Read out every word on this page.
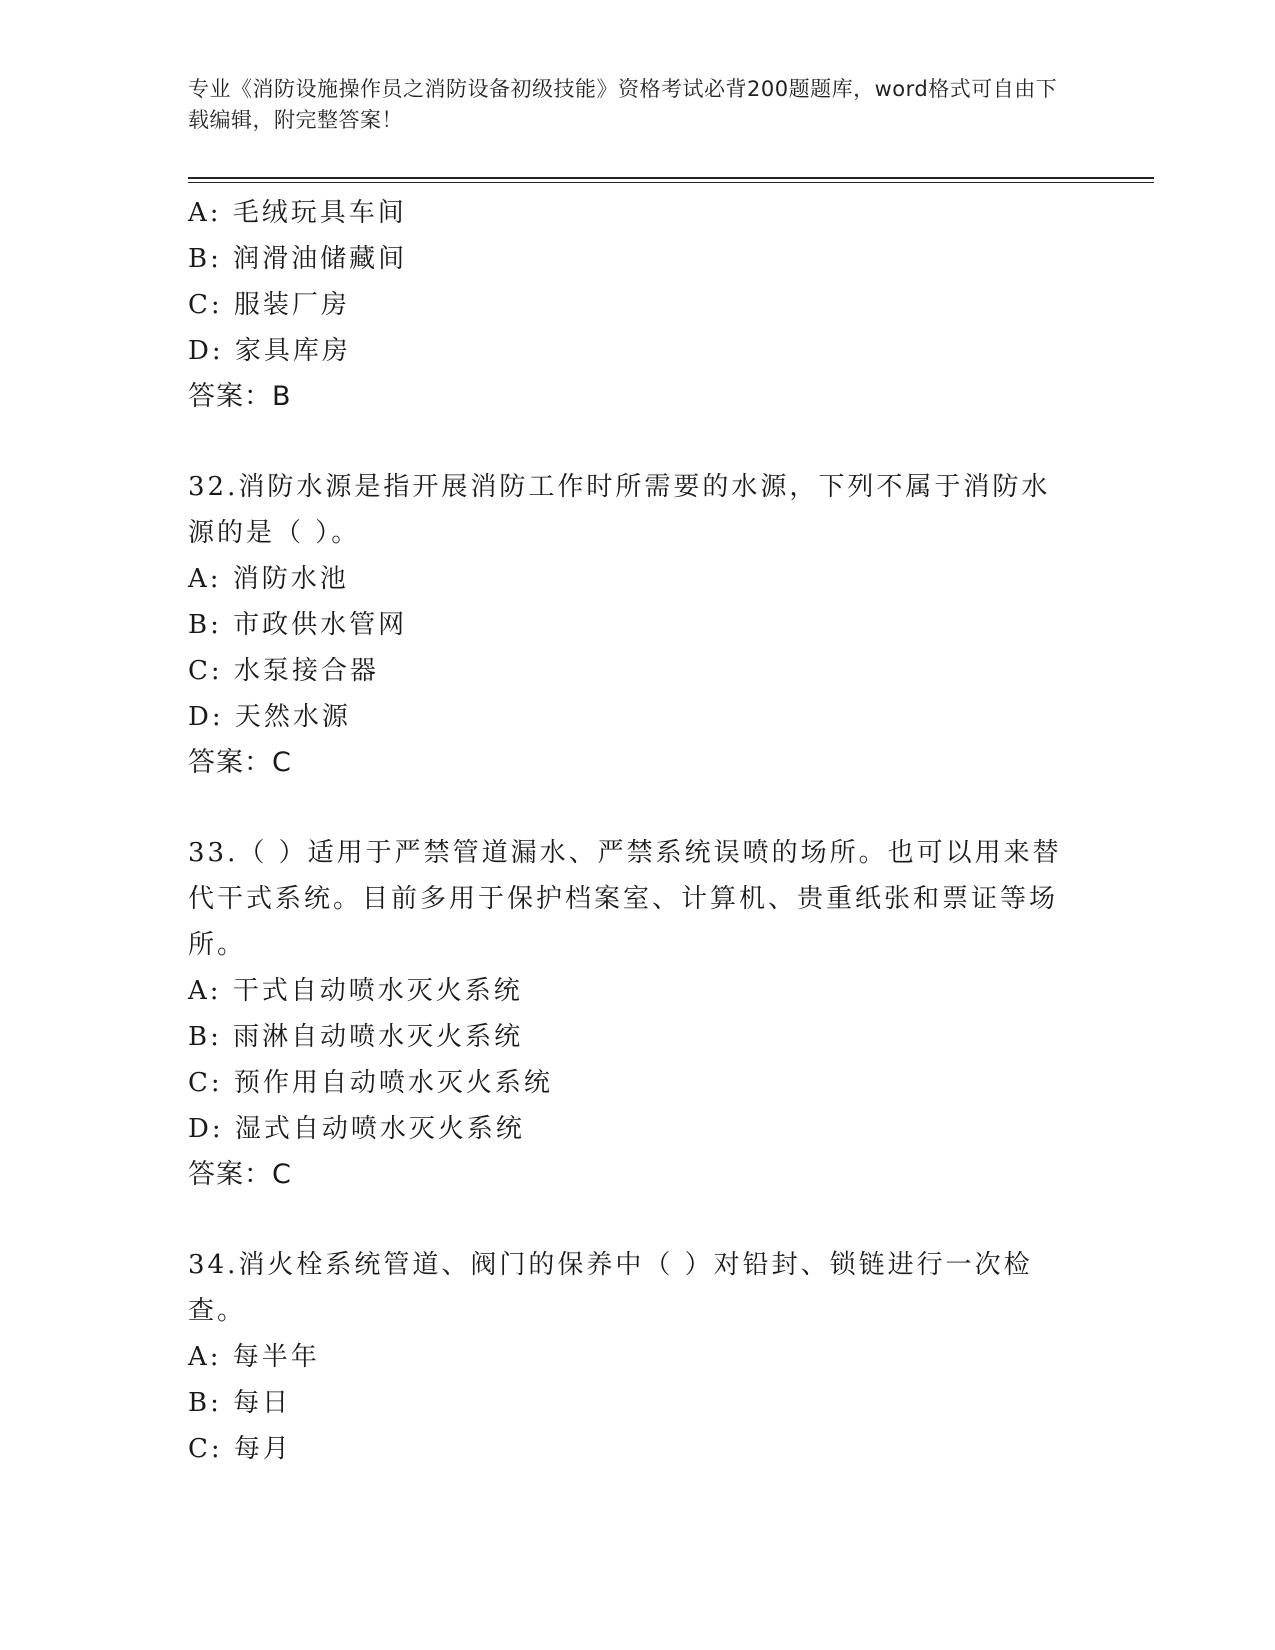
专业《消防设施操作员之消防设备初级技能》资格考试必背200题题库，word格式可自由下载编辑，附完整答案！
A: 毛绒玩具车间
B: 润滑油储藏间
C: 服装厂房
D: 家具库房
答案：B
32.消防水源是指开展消防工作时所需要的水源，下列不属于消防水源的是（ ）。
A: 消防水池
B: 市政供水管网
C: 水泵接合器
D: 天然水源
答案：C
33.（ ）适用于严禁管道漏水、严禁系统误喷的场所。也可以用来替代干式系统。目前多用于保护档案室、计算机、贵重纸张和票证等场所。
A: 干式自动喷水灭火系统
B: 雨淋自动喷水灭火系统
C: 预作用自动喷水灭火系统
D: 湿式自动喷水灭火系统
答案：C
34.消火栓系统管道、阀门的保养中（ ）对铅封、锁链进行一次检查。
A: 每半年
B: 每日
C: 每月
